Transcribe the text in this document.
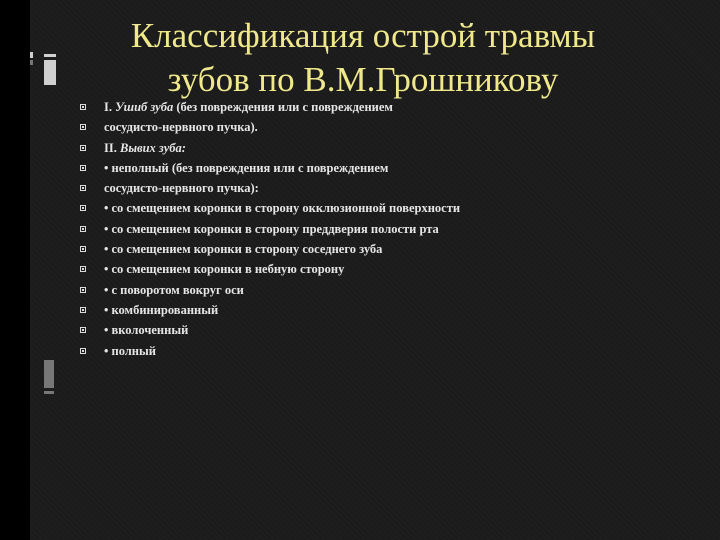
Классификация острой травмы
зубов по В.М.Грошникову
I. Ушиб зуба (без повреждения или с повреждением
сосудисто-нервного пучка).
II. Вывих зуба:
• неполный (без повреждения или с повреждением
сосудисто-нервного пучка):
• со смещением коронки в сторону окклюзионной поверхности
• со смещением коронки в сторону преддверия полости рта
• со смещением коронки в сторону соседнего зуба
• со смещением коронки в небную сторону
• с поворотом вокруг оси
• комбинированный
• вколоченный
• полный
